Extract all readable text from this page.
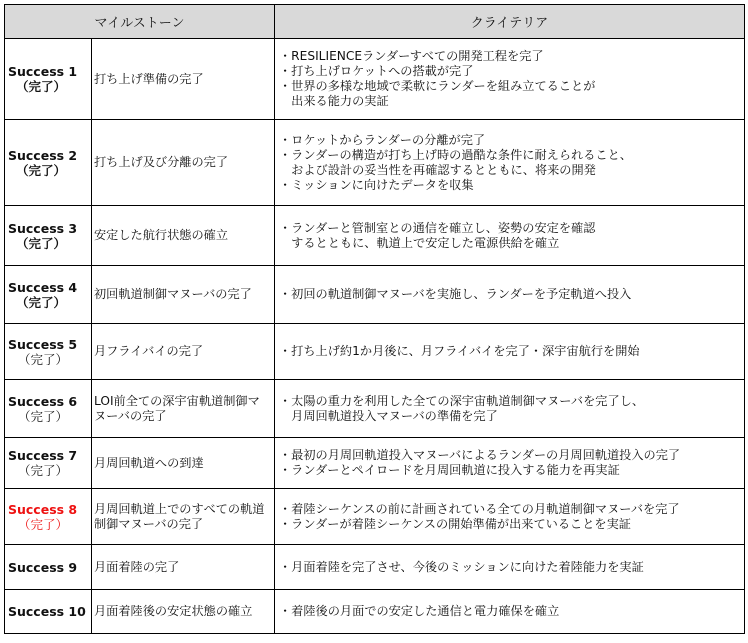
マイルストーン		クライテリア

Success 1
（完了）	打ち上げ準備の完了	・RESILIENCEランダーすべての開発工程を完了
・打ち上げロケットへの搭載が完了
・世界の多様な地域で柔軟にランダーを組み立てることが
　出来る能力の実証

Success 2
（完了）	打ち上げ及び分離の完了	・ロケットからランダーの分離が完了
・ランダーの構造が打ち上げ時の過酷な条件に耐えられること、
　および設計の妥当性を再確認するとともに、将来の開発
・ミッションに向けたデータを収集

Success 3
（完了）	安定した航行状態の確立	・ランダーと管制室との通信を確立し、姿勢の安定を確認
　するとともに、軌道上で安定した電源供給を確立

Success 4
（完了）	初回軌道制御マヌーバの完了	・初回の軌道制御マヌーバを実施し、ランダーを予定軌道へ投入

Success 5
（完了）	月フライバイの完了	・打ち上げ約1か月後に、月フライバイを完了・深宇宙航行を開始

Success 6
（完了）	LOI前全ての深宇宙軌道制御マヌーバの完了	・太陽の重力を利用した全ての深宇宙軌道制御マヌーバを完了し、
　月周回軌道投入マヌーバの準備を完了

Success 7
（完了）	月周回軌道への到達	・最初の月周回軌道投入マヌーバによるランダーの月周回軌道投入の完了
・ランダーとペイロードを月周回軌道に投入する能力を再実証

Success 8
（完了）	月周回軌道上でのすべての軌道制御マヌーバの完了	・着陸シーケンスの前に計画されている全ての月軌道制御マヌーバを完了
・ランダーが着陸シーケンスの開始準備が出来ていることを実証

Success 9	月面着陸の完了	・月面着陸を完了させ、今後のミッションに向けた着陸能力を実証

Success 10	月面着陸後の安定状態の確立	・着陸後の月面での安定した通信と電力確保を確立
